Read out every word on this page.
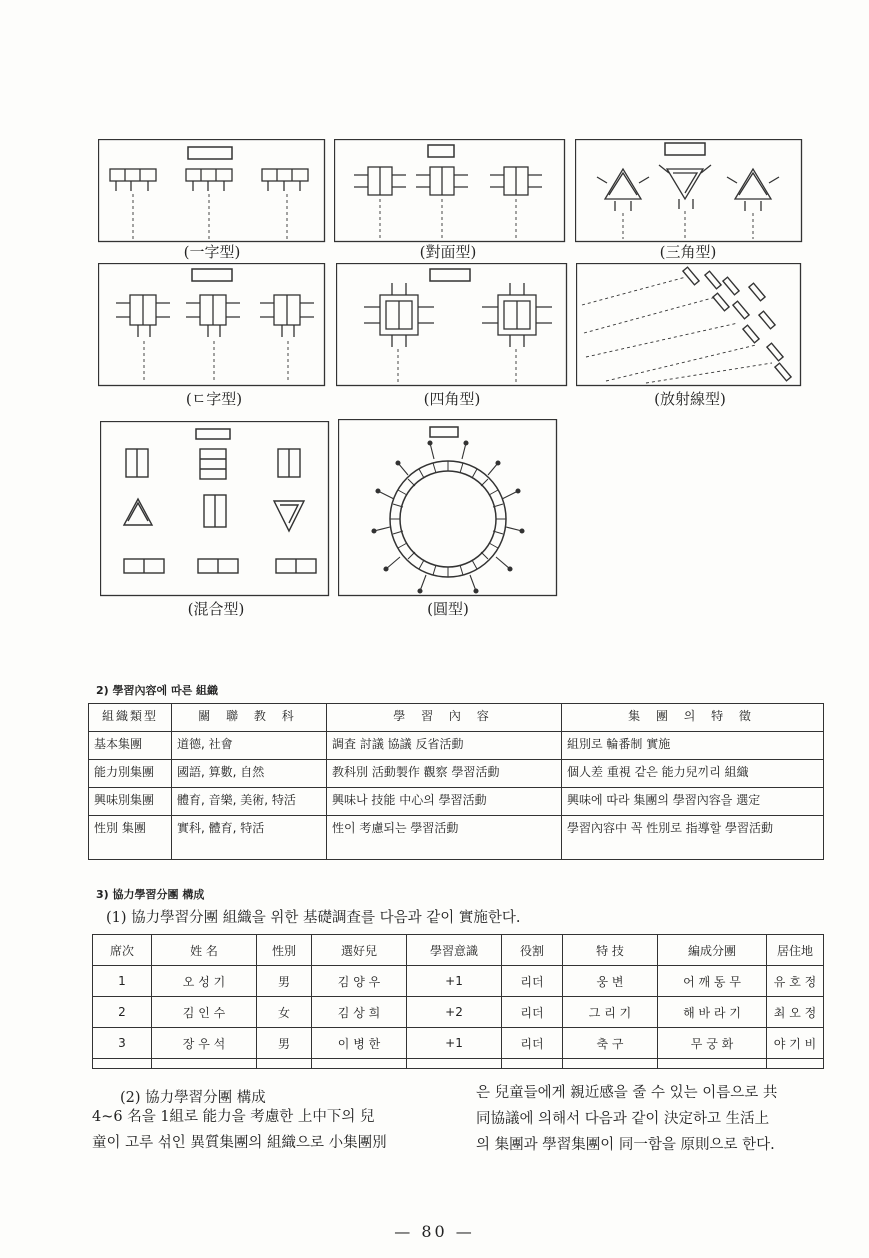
(一字型)	(對面型)	(三角型)
(ㄷ字型)	(四角型)	(放射線型)
(混合型)	(圓型)
2) 學習內容에 따른 組織
組織類型	關 聯 教 科	學 習 內 容	集 團 의 特 徵
基本集團	道德, 社會	調査 討議 協議 反省活動	組別로 輪番制 實施
能力別集團	國語, 算數, 自然	教科別 活動製作 觀察 學習活動	個人差 重視 같은 能力兒끼리 組織
興味別集團	體育, 音樂, 美術, 特活	興味나 技能 中心의 學習活動	興味에 따라 集團의 學習內容을 選定
性別 集團	實科, 體育, 特活	性이 考慮되는 學習活動	學習內容中 꼭 性別로 指導할 學習活動
3) 協力學習分團 構成
(1) 協力學習分團 組織을 위한 基礎調査를 다음과 같이 實施한다.
席次	姓 名	性別	選好兒	學習意識	役割	特 技	編成分團	居住地
1	오 성 기	男	김 양 우	+1	리더	웅 변	어 깨 동 무	유 호 정
2	김 인 수	女	김 상 희	+2	리더	그 리 기	해 바 라 기	최 오 정
3	장 우 석	男	이 병 한	+1	리더	축 구	무 궁 화	야 기 비

(2) 協力學習分團 構成
4~6 名을 1組로 能力을 考慮한 上中下의 兒
童이 고루 섞인 異質集團의 組織으로 小集團別
은 兒童들에게 親近感을 줄 수 있는 이름으로 共
同協議에 의해서 다음과 같이 決定하고 生活上
의 集團과 學習集團이 同一함을 原則으로 한다.
— 80 —
